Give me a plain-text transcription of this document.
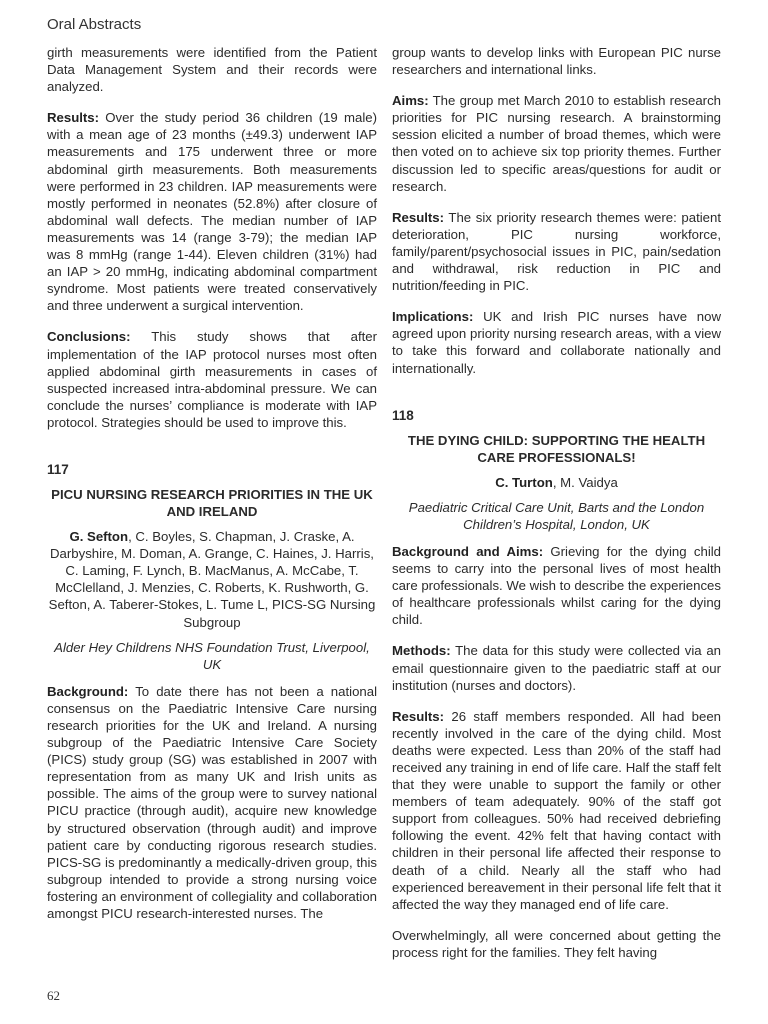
Oral Abstracts

girth measurements were identified from the Patient Data Management System and their records were analyzed.

Results: Over the study period 36 children (19 male) with a mean age of 23 months (±49.3) underwent IAP measurements and 175 underwent three or more abdominal girth measurements. Both measurements were performed in 23 children. IAP measurements were mostly performed in neonates (52.8%) after closure of abdominal wall defects. The median number of IAP measurements was 14 (range 3-79); the median IAP was 8 mmHg (range 1-44). Eleven children (31%) had an IAP > 20 mmHg, indicating abdominal compartment syndrome. Most patients were treated conservatively and three underwent a surgical intervention.

Conclusions: This study shows that after implementation of the IAP protocol nurses most often applied abdominal girth measurements in cases of suspected increased intra-abdominal pressure. We can conclude the nurses’ compliance is moderate with IAP protocol. Strategies should be used to improve this.

117
PICU NURSING RESEARCH PRIORITIES IN THE UK AND IRELAND
G. Sefton, C. Boyles, S. Chapman, J. Craske, A. Darbyshire, M. Doman, A. Grange, C. Haines, J. Harris, C. Laming, F. Lynch, B. MacManus, A. McCabe, T. McClelland, J. Menzies, C. Roberts, K. Rushworth, G. Sefton, A. Taberer-Stokes, L. Tume L, PICS-SG Nursing Subgroup
Alder Hey Childrens NHS Foundation Trust, Liverpool, UK

Background: To date there has not been a national consensus on the Paediatric Intensive Care nursing research priorities for the UK and Ireland. A nursing subgroup of the Paediatric Intensive Care Society (PICS) study group (SG) was established in 2007 with representation from as many UK and Irish units as possible. The aims of the group were to survey national PICU practice (through audit), acquire new knowledge by structured observation (through audit) and improve patient care by conducting rigorous research studies. PICS-SG is predominantly a medically-driven group, this subgroup intended to provide a strong nursing voice fostering an environment of collegiality and collaboration amongst PICU research-interested nurses. The

group wants to develop links with European PIC nurse researchers and international links.

Aims: The group met March 2010 to establish research priorities for PIC nursing research. A brainstorming session elicited a number of broad themes, which were then voted on to achieve six top priority themes. Further discussion led to specific areas/questions for audit or research.

Results: The six priority research themes were: patient deterioration, PIC nursing workforce, family/parent/psychosocial issues in PIC, pain/sedation and withdrawal, risk reduction in PIC and nutrition/feeding in PIC.

Implications: UK and Irish PIC nurses have now agreed upon priority nursing research areas, with a view to take this forward and collaborate nationally and internationally.

118
THE DYING CHILD: SUPPORTING THE HEALTH CARE PROFESSIONALS!
C. Turton, M. Vaidya
Paediatric Critical Care Unit, Barts and the London Children’s Hospital, London, UK

Background and Aims: Grieving for the dying child seems to carry into the personal lives of most health care professionals. We wish to describe the experiences of healthcare professionals whilst caring for the dying child.

Methods: The data for this study were collected via an email questionnaire given to the paediatric staff at our institution (nurses and doctors).

Results: 26 staff members responded. All had been recently involved in the care of the dying child. Most deaths were expected. Less than 20% of the staff had received any training in end of life care. Half the staff felt that they were unable to support the family or other members of team adequately. 90% of the staff got support from colleagues. 50% had received debriefing following the event. 42% felt that having contact with children in their personal life affected their response to death of a child. Nearly all the staff who had experienced bereavement in their personal life felt that it affected the way they managed end of life care.

Overwhelmingly, all were concerned about getting the process right for the families. They felt having

62
